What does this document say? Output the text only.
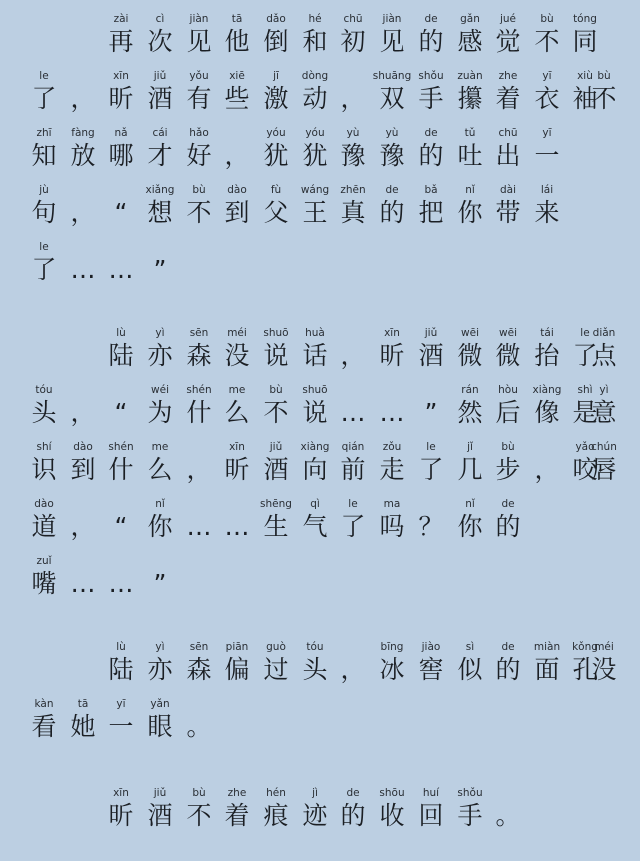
zài
再
cì
次
jiàn
见
tā
他
dǎo
倒
hé
和
chū
初
jiàn
见
de
的
gǎn
感
jué
觉
bù
不
tóng
同
le
了 ，
xīn
昕
jiǔ
酒
yǒu
有
xiē
些
jī
激
dòng
动 ，
shuāng
双
shǒu
手
zuàn
攥
zhe
着
yī
衣
xiù
袖
bù
不
zhī
知
fàng
放
nǎ
哪
cái
才
hǎo
好 ，
yóu
犹
yóu
犹
yù
豫
yù
豫
de
的
tǔ
吐
chū
出
yī
一
jù
句 ， “
xiǎng
想
bù
不
dào
到
fù
父
wáng
王
zhēn
真
de
的
bǎ
把
nǐ
你
dài
带
lái
来
le
了 … … ”
lù
陆
yì
亦
sēn
森
méi
没
shuō
说
huà
话 ，
xīn
昕
jiǔ
酒
wēi
微
wēi
微
tái
抬
le
了
diǎn
点
tóu
头 ， “
wéi
为
shén
什
me
么
bù
不
shuō
说 … … ”
rán
然
hòu
后
xiàng
像
shì
是
yì
意
shí
识
dào
到
shén
什
me
么 ，
xīn
昕
jiǔ
酒
xiàng
向
qián
前
zǒu
走
le
了
jǐ
几
bù
步 ，
yǎo
咬
chún
唇
dào
道 ， “
nǐ
你 … …
shēng
生
qì
气
le
了
ma
吗 ？
nǐ
你
de
的
zuǐ
嘴 … … ”
lù
陆
yì
亦
sēn
森
piān
偏
guò
过
tóu
头 ，
bīng
冰
jiào
窖
sì
似
de
的
miàn
面
kǒng
孔
méi
没
kàn
看
tā
她
yī
一
yǎn
眼 。
xīn
昕
jiǔ
酒
bù
不
zhe
着
hén
痕
jì
迹
de
的
shōu
收
huí
回
shǒu
手 。
